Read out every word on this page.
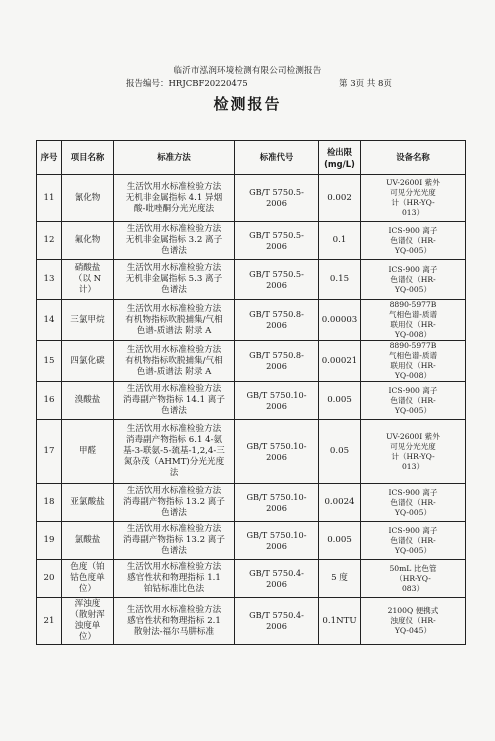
临沂市泓润环境检测有限公司检测报告
报告编号：HRJCBF20220475	第 3页 共 8页
检测报告
序号	项目名称	标准方法	标准代号	检出限
(mg/L)	设备名称
11	氰化物	生活饮用水标准检验方法
无机非金属指标 4.1 异烟
酸-吡唑酮分光光度法	GB/T 5750.5-
2006	0.002	UV-2600I 紫外
可见分光光度
计（HR-YQ-
013）
12	氟化物	生活饮用水标准检验方法
无机非金属指标 3.2 离子
色谱法	GB/T 5750.5-
2006	0.1	ICS-900 离子
色谱仪（HR-
YQ-005）
13	硝酸盐
（以 N
计）	生活饮用水标准检验方法
无机非金属指标 5.3 离子
色谱法	GB/T 5750.5-
2006	0.15	ICS-900 离子
色谱仪（HR-
YQ-005）
14	三氯甲烷	生活饮用水标准检验方法
有机物指标吹脱捕集/气相
色谱-质谱法 附录 A	GB/T 5750.8-
2006	0.00003	8890-5977B
气相色谱-质谱
联用仪（HR-
YQ-008）
15	四氯化碳	生活饮用水标准检验方法
有机物指标吹脱捕集/气相
色谱-质谱法 附录 A	GB/T 5750.8-
2006	0.00021	8890-5977B
气相色谱-质谱
联用仪（HR-
YQ-008）
16	溴酸盐	生活饮用水标准检验方法
消毒副产物指标 14.1 离子
色谱法	GB/T 5750.10-
2006	0.005	ICS-900 离子
色谱仪（HR-
YQ-005）
17	甲醛	生活饮用水标准检验方法
消毒副产物指标 6.1 4-氨
基-3-联氨-5-巯基-1,2,4-三
氮杂茂（AHMT)分光光度
法	GB/T 5750.10-
2006	0.05	UV-2600I 紫外
可见分光光度
计（HR-YQ-
013）
18	亚氯酸盐	生活饮用水标准检验方法
消毒副产物指标 13.2 离子
色谱法	GB/T 5750.10-
2006	0.0024	ICS-900 离子
色谱仪（HR-
YQ-005）
19	氯酸盐	生活饮用水标准检验方法
消毒副产物指标 13.2 离子
色谱法	GB/T 5750.10-
2006	0.005	ICS-900 离子
色谱仪（HR-
YQ-005）
20	色度（铂
钴色度单
位）	生活饮用水标准检验方法
感官性状和物理指标 1.1
铂钴标准比色法	GB/T 5750.4-
2006	5 度	50mL 比色管
（HR-YQ-
083）
21	浑浊度
（散射浑
浊度单
位）	生活饮用水标准检验方法
感官性状和物理指标 2.1
散射法-福尔马肼标准	GB/T 5750.4-
2006	0.1NTU	2100Q 便携式
浊度仪（HR-
YQ-045）
